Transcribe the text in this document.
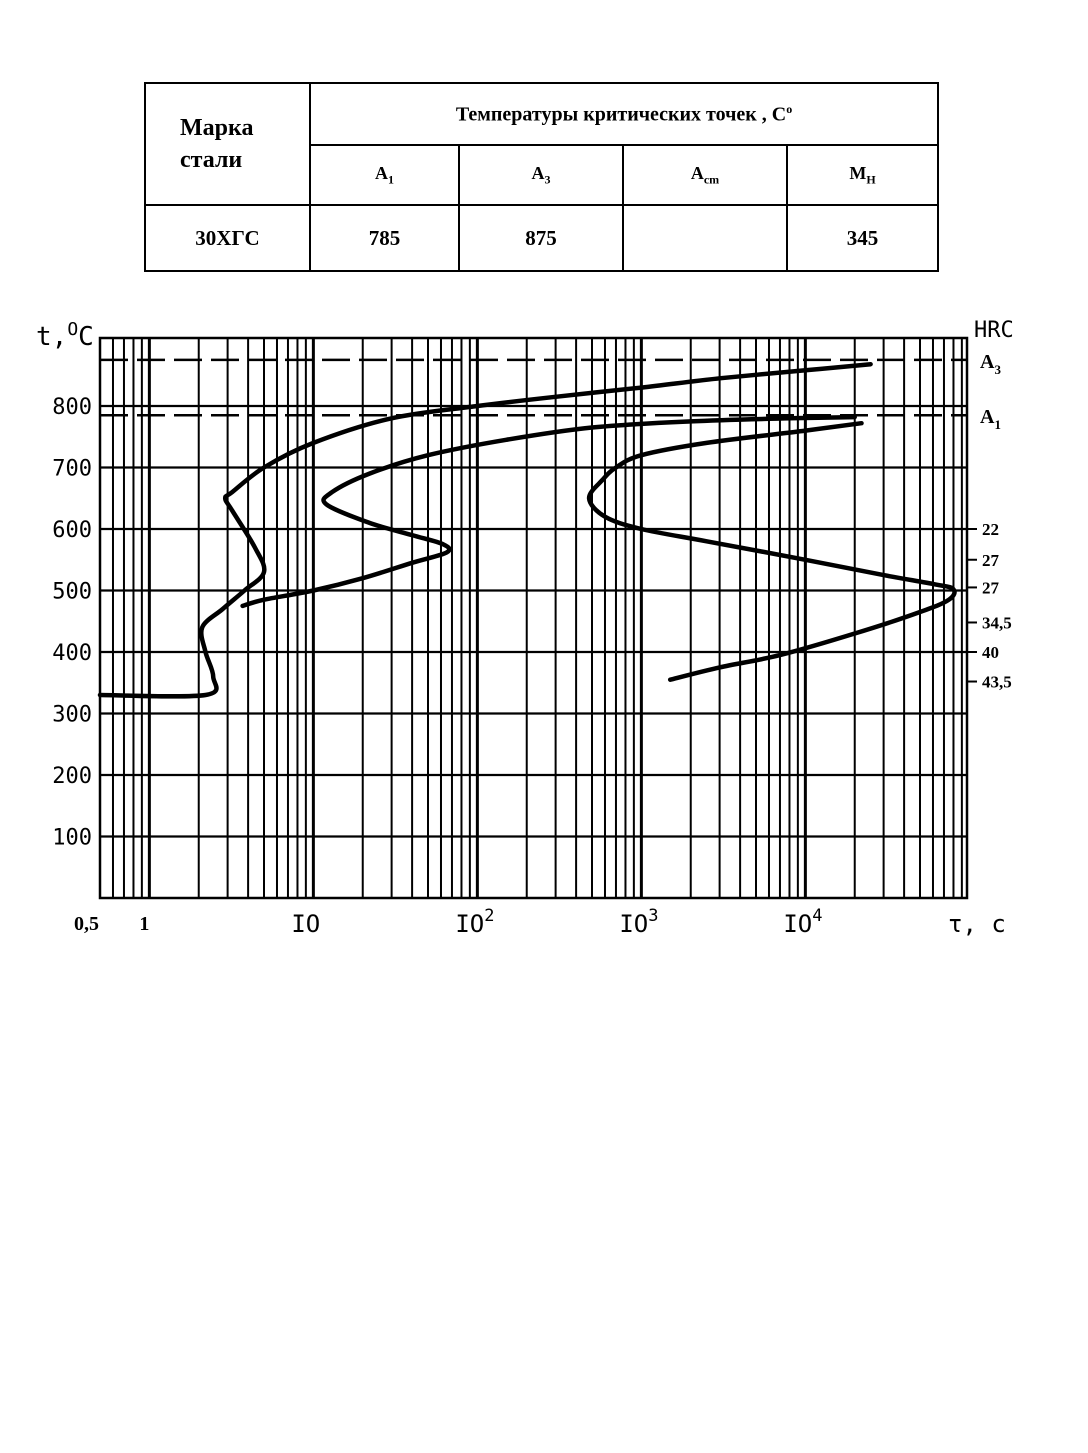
Марка стали	Температуры критических точек , $С^o$
	$A_1$	$A_3$	$A_{cm}$	$M_H$
30ХГС	785	875		345
$A_3$
$A_1$
100
200
300
400
500
600
700
800
0,5 1	IO	$IO^2$	$IO^3$	$IO^4$
22
27
27
34,5
40
43,5
t,$^O$C	HRC
τ, с
